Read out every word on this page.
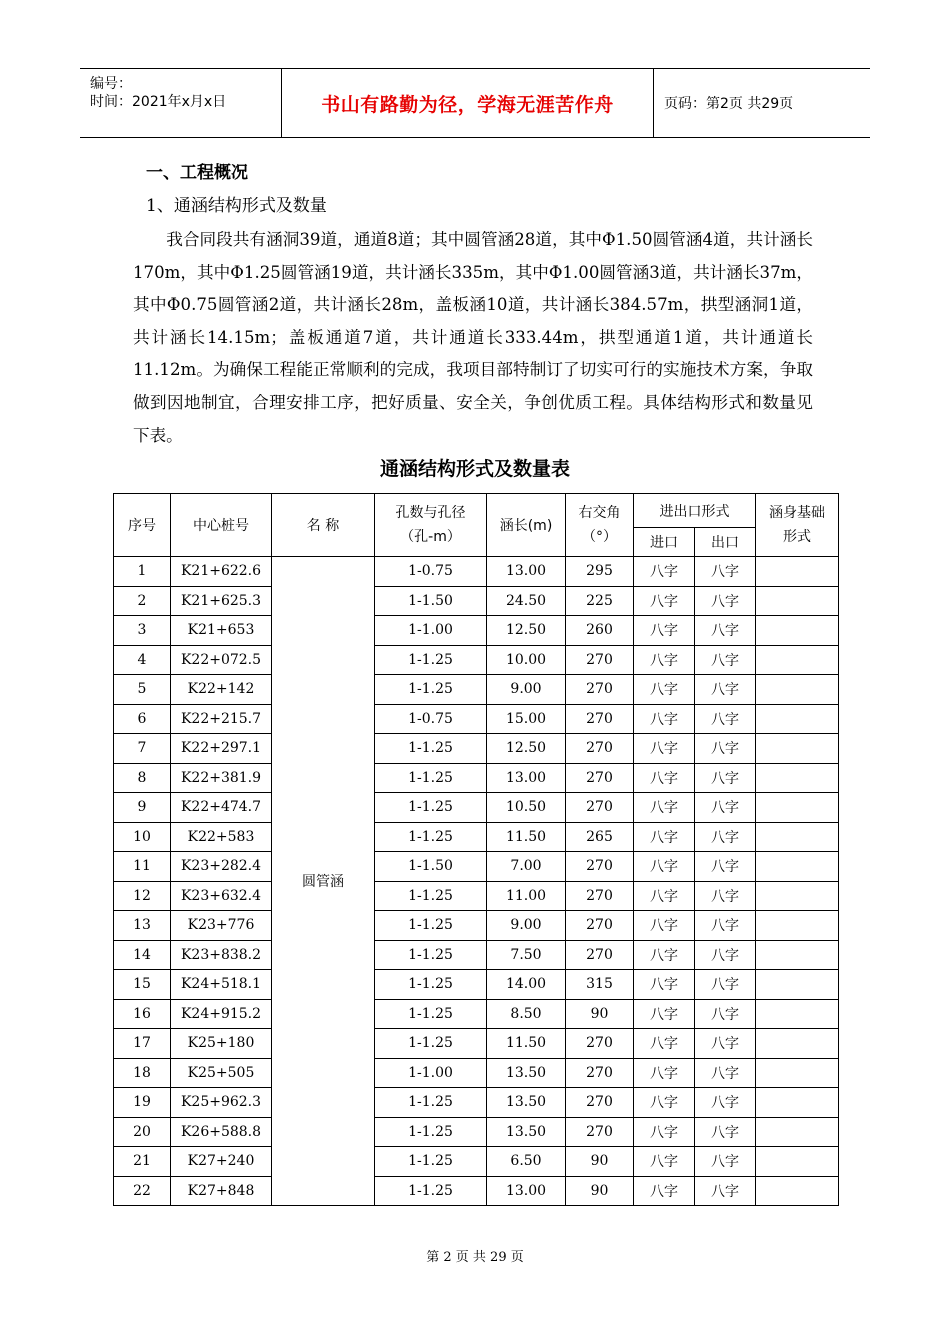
编号：
时间：2021年x月x日	书山有路勤为径，学海无涯苦作舟	页码：第2页 共29页
一、工程概况
1、通涵结构形式及数量

我合同段共有涵洞39道，通道8道；其中圆管涵28道，其中Φ1.50圆管涵4道，共计涵长170m，其中Φ1.25圆管涵19道，共计涵长335m，其中Φ1.00圆管涵3道，共计涵长37m，其中Φ0.75圆管涵2道，共计涵长28m，盖板涵10道，共计涵长384.57m，拱型涵洞1道，共计涵长14.15m；盖板通道7道，共计通道长333.44m，拱型通道1道，共计通道长11.12m。为确保工程能正常顺利的完成，我项目部特制订了切实可行的实施技术方案，争取做到因地制宜，合理安排工序，把好质量、安全关，争创优质工程。具体结构形式和数量见下表。

通涵结构形式及数量表
序号	中心桩号	名 称	孔数与孔径（孔-m）	涵长(m)	右交角（°）	进出口形式		涵身基础形式
						进口	出口	
1	K21+622.6	圆管涵	1-0.75	13.00	295	八字	八字	
2	K21+625.3		1-1.50	24.50	225	八字	八字	
3	K21+653		1-1.00	12.50	260	八字	八字	
4	K22+072.5		1-1.25	10.00	270	八字	八字	
5	K22+142		1-1.25	9.00	270	八字	八字	
6	K22+215.7		1-0.75	15.00	270	八字	八字	
7	K22+297.1		1-1.25	12.50	270	八字	八字	
8	K22+381.9		1-1.25	13.00	270	八字	八字	
9	K22+474.7		1-1.25	10.50	270	八字	八字	
10	K22+583		1-1.25	11.50	265	八字	八字	
11	K23+282.4		1-1.50	7.00	270	八字	八字	
12	K23+632.4		1-1.25	11.00	270	八字	八字	
13	K23+776		1-1.25	9.00	270	八字	八字	
14	K23+838.2		1-1.25	7.50	270	八字	八字	
15	K24+518.1		1-1.25	14.00	315	八字	八字	
16	K24+915.2		1-1.25	8.50	90	八字	八字	
17	K25+180		1-1.25	11.50	270	八字	八字	
18	K25+505		1-1.00	13.50	270	八字	八字	
19	K25+962.3		1-1.25	13.50	270	八字	八字	
20	K26+588.8		1-1.25	13.50	270	八字	八字	
21	K27+240		1-1.25	6.50	90	八字	八字	
22	K27+848		1-1.25	13.00	90	八字	八字	
第 2 页 共 29 页
